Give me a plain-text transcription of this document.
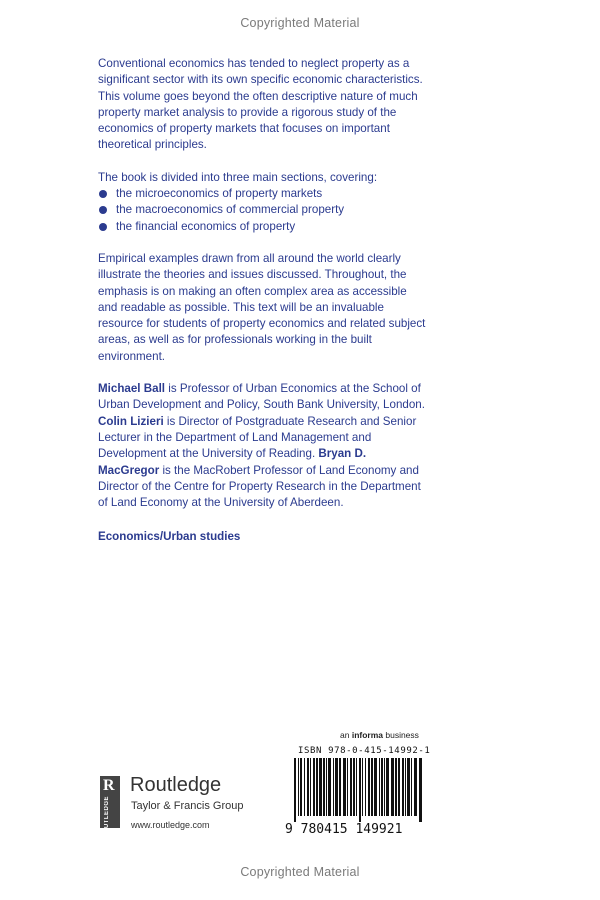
Copyrighted Material

Conventional economics has tended to neglect property as a significant sector with its own specific economic characteristics. This volume goes beyond the often descriptive nature of much property market analysis to provide a rigorous study of the economics of property markets that focuses on important theoretical principles.

The book is divided into three main sections, covering:

the microeconomics of property markets
the macroeconomics of commercial property
the financial economics of property

Empirical examples drawn from all around the world clearly illustrate the theories and issues discussed. Throughout, the emphasis is on making an often complex area as accessible and readable as possible. This text will be an invaluable resource for students of property economics and related subject areas, as well as for professionals working in the built environment.

Michael Ball is Professor of Urban Economics at the School of Urban Development and Policy, South Bank University, London. Colin Lizieri is Director of Postgraduate Research and Senior Lecturer in the Department of Land Management and Development at the University of Reading. Bryan D. MacGregor is the MacRobert Professor of Land Economy and Director of the Centre for Property Research in the Department of Land Economy at the University of Aberdeen.

Economics/Urban studies

an informa business
ISBN 978-0-415-14992-1
9 780415 149921
R
ROUTLEDGE
Routledge
Taylor & Francis Group
www.routledge.com
Copyrighted Material
